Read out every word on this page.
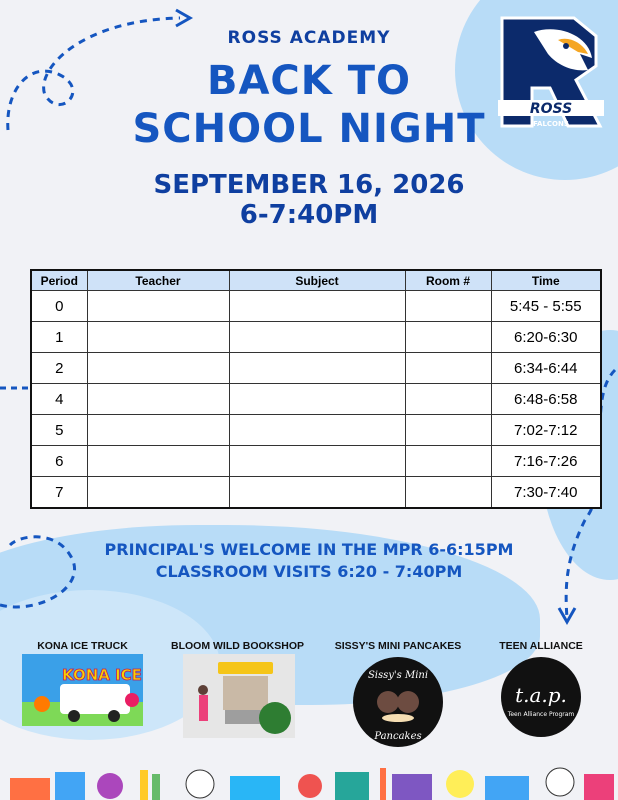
ROSS ACADEMY
BACK TO
SCHOOL NIGHT
SEPTEMBER 16, 2026
6-7:40PM
ROSS
FALCONS
Period	Teacher	Subject	Room #	Time
0				5:45 - 5:55
1				6:20-6:30
2				6:34-6:44
4				6:48-6:58
5				7:02-7:12
6				7:16-7:26
7				7:30-7:40
PRINCIPAL'S WELCOME IN THE MPR 6-6:15PM
CLASSROOM VISITS 6:20 - 7:40PM
KONA ICE TRUCK	BLOOM WILD BOOKSHOP	SISSY'S MINI PANCAKES	TEEN ALLIANCE
KONA ICE	Sissy's Mini
Pancakes
t.a.p.
Teen Alliance Program
